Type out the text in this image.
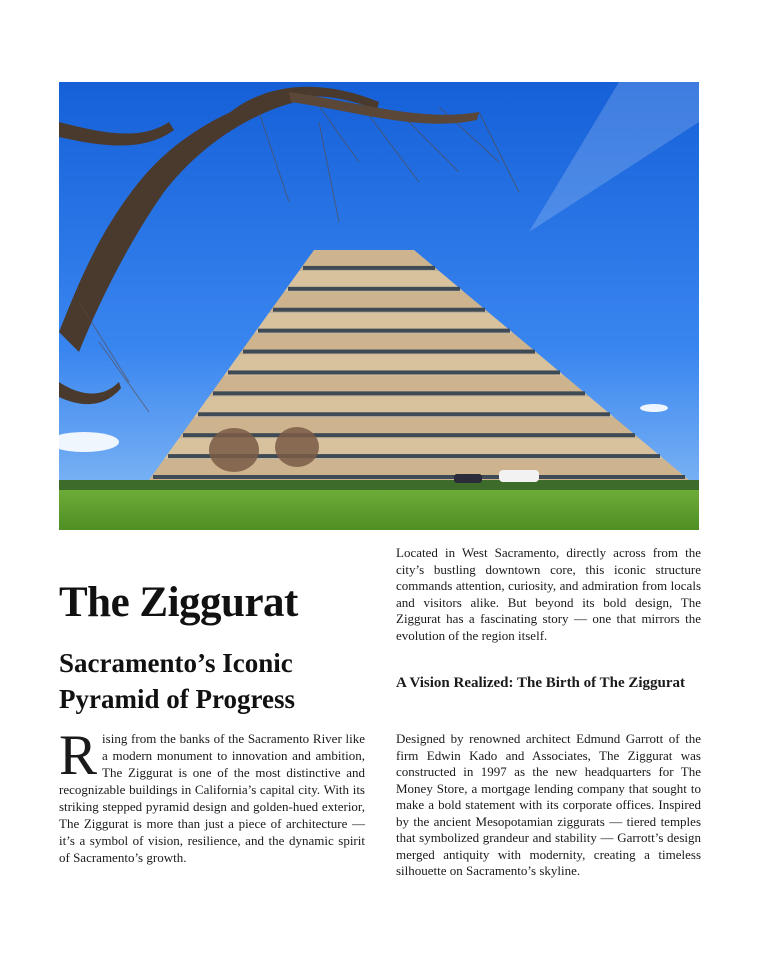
The Ziggurat
Sacramento’s Iconic Pyramid of Progress

Rising from the banks of the Sacramento River like a modern monument to innovation and ambition, The Ziggurat is one of the most distinctive and recognizable buildings in California’s capital city. With its striking stepped pyramid design and golden-hued exterior, The Ziggurat is more than just a piece of architecture — it’s a symbol of vision, resilience, and the dynamic spirit of Sacramento’s growth.

Located in West Sacramento, directly across from the city’s bustling downtown core, this iconic structure commands attention, curiosity, and admiration from locals and visitors alike. But beyond its bold design, The Ziggurat has a fascinating story — one that mirrors the evolution of the region itself.

A Vision Realized: The Birth of The Ziggurat

Designed by renowned architect Edmund Garrott of the firm Edwin Kado and Associates, The Ziggurat was constructed in 1997 as the new headquarters for The Money Store, a mortgage lending company that sought to make a bold statement with its corporate offices. Inspired by the ancient Mesopotamian ziggurats — tiered temples that symbolized grandeur and stability — Garrott’s design merged antiquity with modernity, creating a timeless silhouette on Sacramento’s skyline.
